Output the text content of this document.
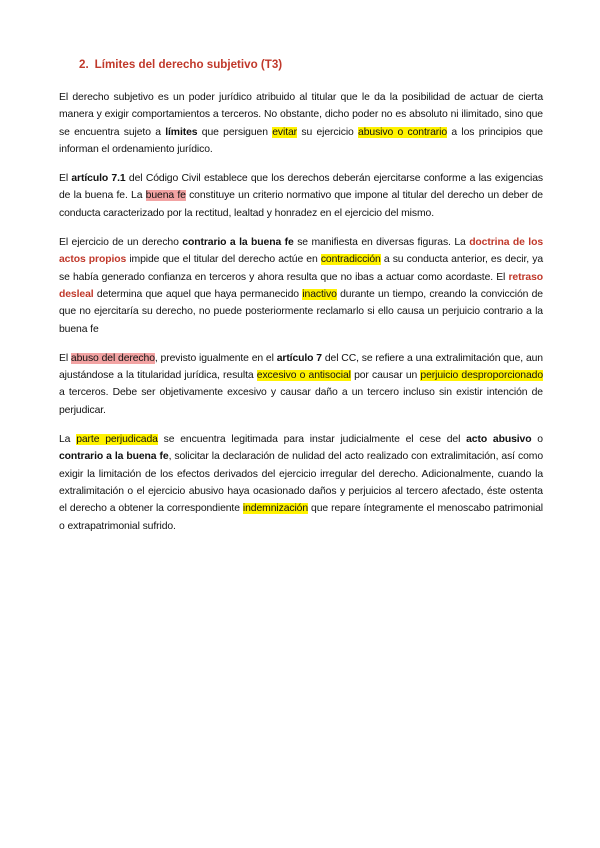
2. Límites del derecho subjetivo (T3)

El derecho subjetivo es un poder jurídico atribuido al titular que le da la posibilidad de actuar de cierta manera y exigir comportamientos a terceros. No obstante, dicho poder no es absoluto ni ilimitado, sino que se encuentra sujeto a límites que persiguen evitar su ejercicio abusivo o contrario a los principios que informan el ordenamiento jurídico.

El artículo 7.1 del Código Civil establece que los derechos deberán ejercitarse conforme a las exigencias de la buena fe. La buena fe constituye un criterio normativo que impone al titular del derecho un deber de conducta caracterizado por la rectitud, lealtad y honradez en el ejercicio del mismo.

El ejercicio de un derecho contrario a la buena fe se manifiesta en diversas figuras. La doctrina de los actos propios impide que el titular del derecho actúe en contradicción a su conducta anterior, es decir, ya se había generado confianza en terceros y ahora resulta que no ibas a actuar como acordaste. El retraso desleal determina que aquel que haya permanecido inactivo durante un tiempo, creando la convicción de que no ejercitaría su derecho, no puede posteriormente reclamarlo si ello causa un perjuicio contrario a la buena fe

El abuso del derecho, previsto igualmente en el artículo 7 del CC, se refiere a una extralimitación que, aun ajustándose a la titularidad jurídica, resulta excesivo o antisocial por causar un perjuicio desproporcionado a terceros. Debe ser objetivamente excesivo y causar daño a un tercero incluso sin existir intención de perjudicar.

La parte perjudicada se encuentra legitimada para instar judicialmente el cese del acto abusivo o contrario a la buena fe, solicitar la declaración de nulidad del acto realizado con extralimitación, así como exigir la limitación de los efectos derivados del ejercicio irregular del derecho. Adicionalmente, cuando la extralimitación o el ejercicio abusivo haya ocasionado daños y perjuicios al tercero afectado, éste ostenta el derecho a obtener la correspondiente indemnización que repare íntegramente el menoscabo patrimonial o extrapatrimonial sufrido.
